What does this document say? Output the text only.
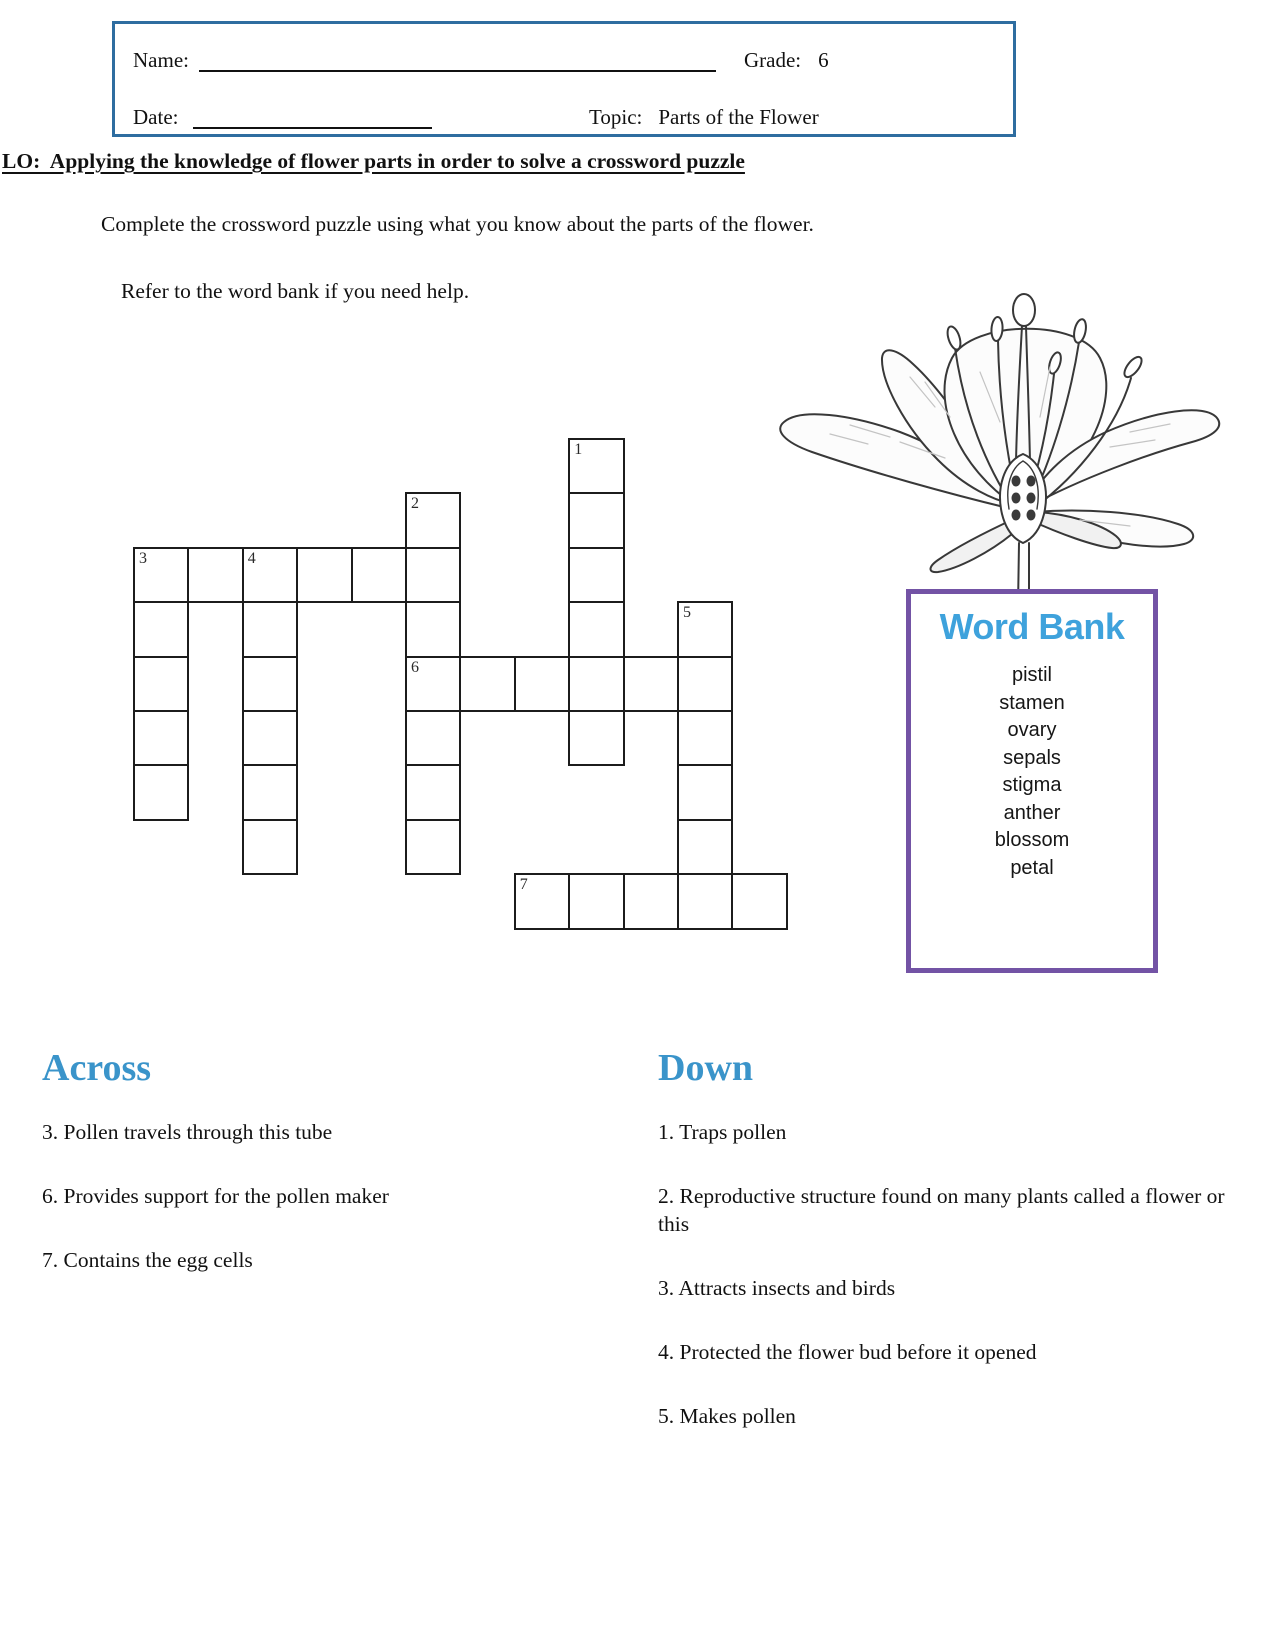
Name:	Grade: 6
Date:	Topic: Parts of the Flower
LO:  Applying the knowledge of flower parts in order to solve a crossword puzzle

Complete the crossword puzzle using what you know about the parts of the flower.

Refer to the word bank if you need help.

1
2
3	4
5
6
7
Word Bank
pistil
stamen
ovary
sepals
stigma
anther
blossom
petal
Across

3. Pollen travels through this tube

6. Provides support for the pollen maker

7. Contains the egg cells

Down

1. Traps pollen

2. Reproductive structure found on many plants called a flower or this

3. Attracts insects and birds

4. Protected the flower bud before it opened

5. Makes pollen
